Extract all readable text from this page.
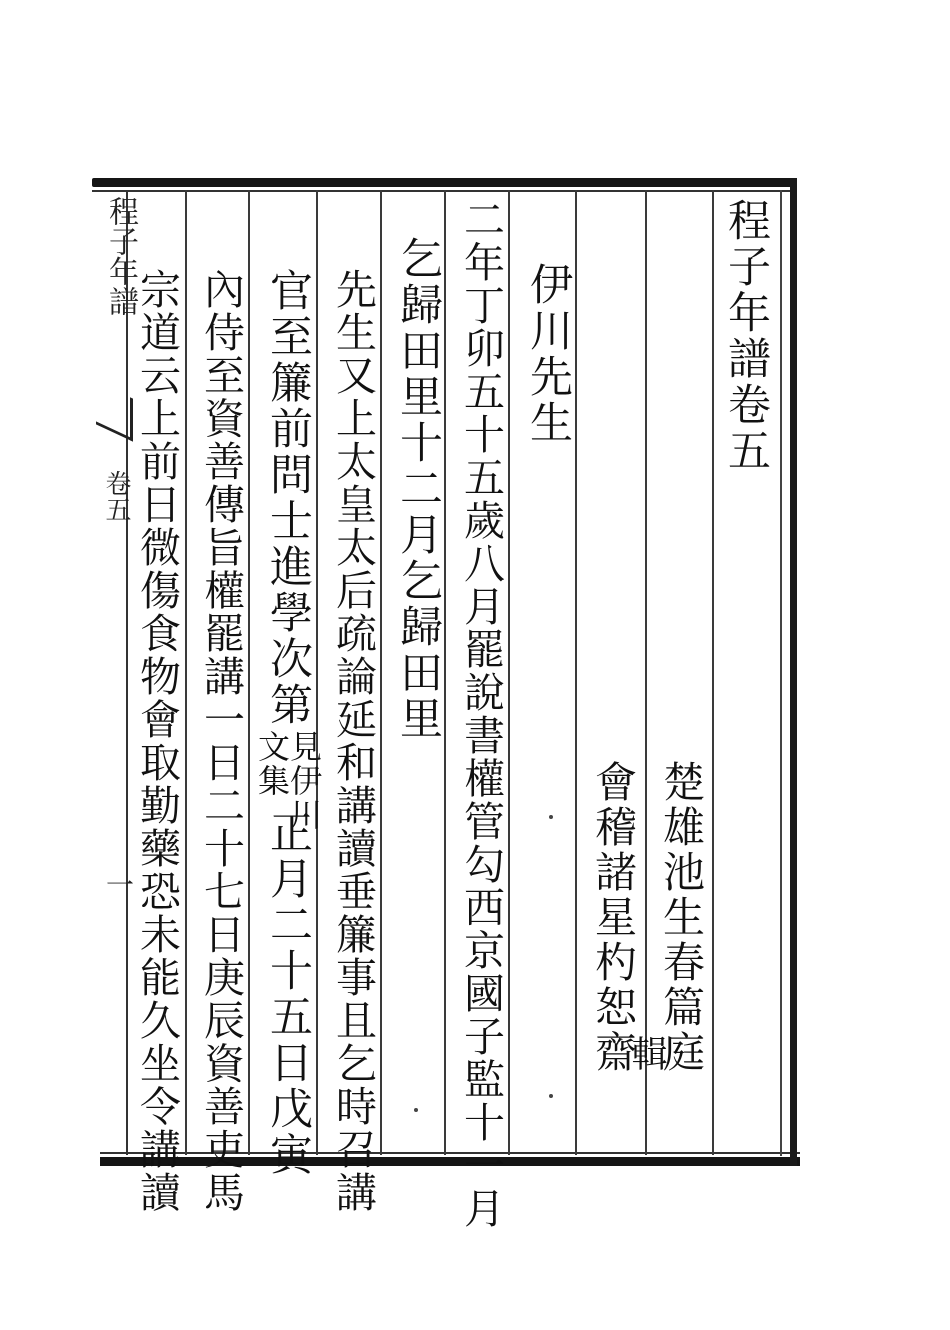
程子年譜
卷五
一
程子年譜卷五
楚雄池生春篇庭
會稽諸星杓恕齋
輯
伊川先生
二年丁卯五十五歲八月罷說書權管勾西京國子監十一月
乞歸田里十二月乞歸田里
先生又上太皇太后疏論延和講讀垂簾事且乞時召講
官至簾前問士進學次第
見伊川
文集
正月二十五日戊寅
內侍至資善傳旨權罷講一日二十七日庚辰資善吏馬
宗道云上前日微傷食物會取勤藥恐未能久坐令講讀
